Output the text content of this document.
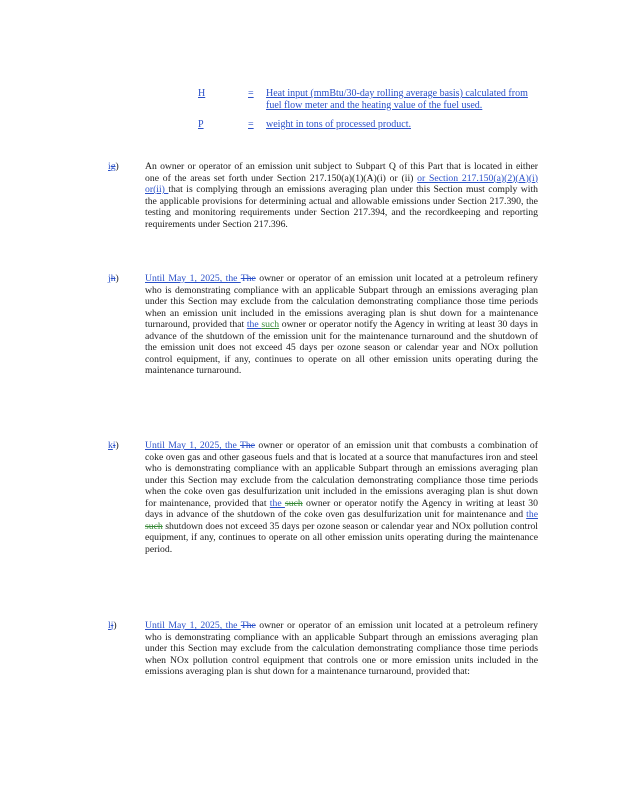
H	=	Heat input (mmBtu/30-day rolling average basis) calculated from fuel flow meter and the heating value of the fuel used.
P	=	weight in tons of processed product.
ig)	An owner or operator of an emission unit subject to Subpart Q of this Part that is located in either one of the areas set forth under Section 217.150(a)(1)(A)(i) or (ii) or Section 217.150(a)(2)(A)(i) or(ii) that is complying through an emissions averaging plan under this Section must comply with the applicable provisions for determining actual and allowable emissions under Section 217.390, the testing and monitoring requirements under Section 217.394, and the recordkeeping and reporting requirements under Section 217.396.
jh)	Until May 1, 2025, the The owner or operator of an emission unit located at a petroleum refinery who is demonstrating compliance with an applicable Subpart through an emissions averaging plan under this Section may exclude from the calculation demonstrating compliance those time periods when an emission unit included in the emissions averaging plan is shut down for a maintenance turnaround, provided that the such owner or operator notify the Agency in writing at least 30 days in advance of the shutdown of the emission unit for the maintenance turnaround and the shutdown of the emission unit does not exceed 45 days per ozone season or calendar year and NOx pollution control equipment, if any, continues to operate on all other emission units operating during the maintenance turnaround.
ki)	Until May 1, 2025, the The owner or operator of an emission unit that combusts a combination of coke oven gas and other gaseous fuels and that is located at a source that manufactures iron and steel who is demonstrating compliance with an applicable Subpart through an emissions averaging plan under this Section may exclude from the calculation demonstrating compliance those time periods when the coke oven gas desulfurization unit included in the emissions averaging plan is shut down for maintenance, provided that the such owner or operator notify the Agency in writing at least 30 days in advance of the shutdown of the coke oven gas desulfurization unit for maintenance and the such shutdown does not exceed 35 days per ozone season or calendar year and NOx pollution control equipment, if any, continues to operate on all other emission units operating during the maintenance period.
lj)	Until May 1, 2025, the The owner or operator of an emission unit located at a petroleum refinery who is demonstrating compliance with an applicable Subpart through an emissions averaging plan under this Section may exclude from the calculation demonstrating compliance those time periods when NOx pollution control equipment that controls one or more emission units included in the emissions averaging plan is shut down for a maintenance turnaround, provided that:
